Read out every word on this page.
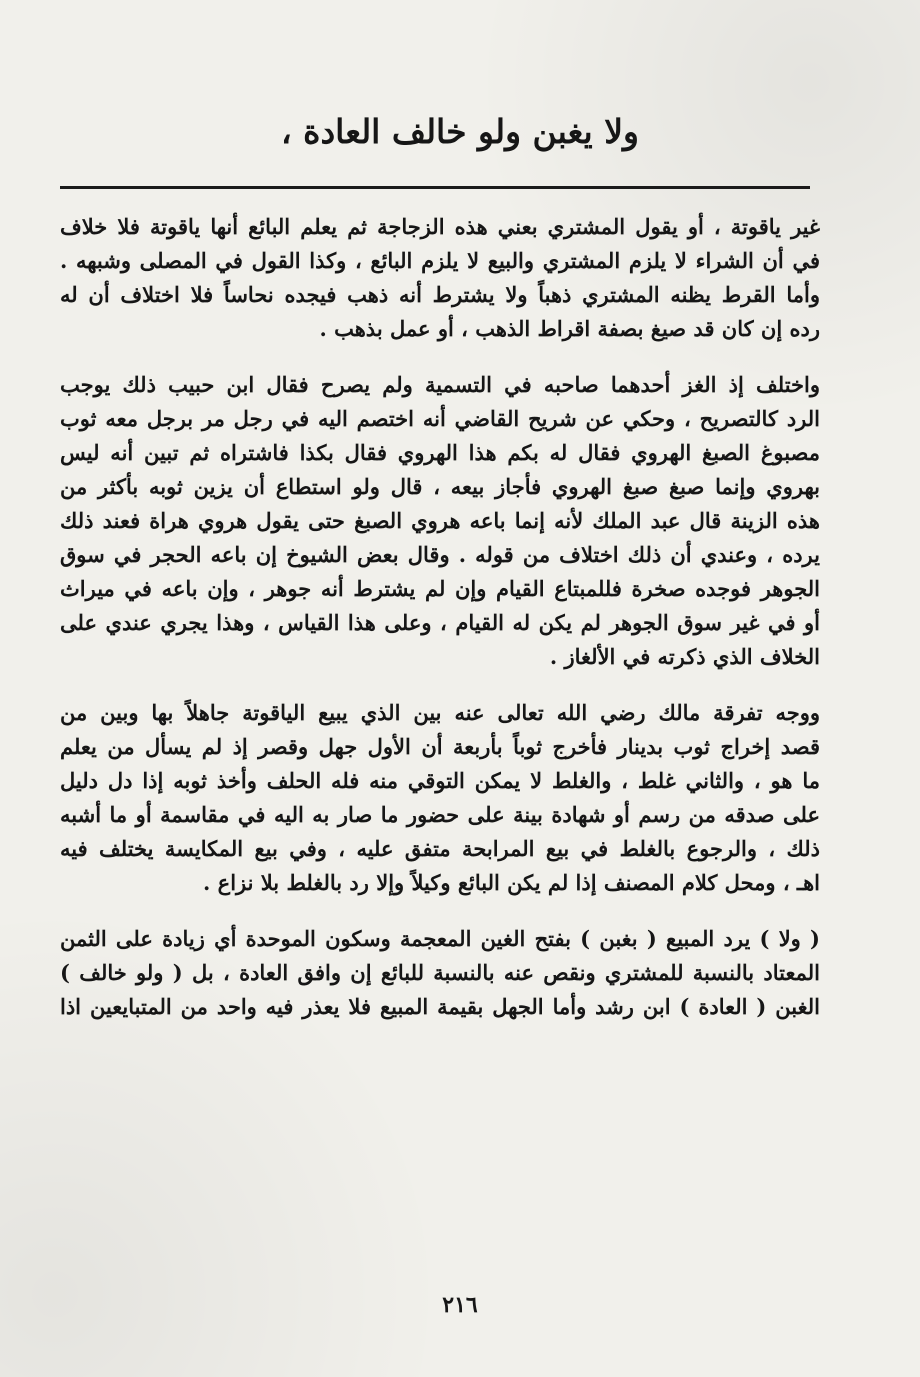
ولا يغبن ولو خالف العادة ،
غير ياقوتة ، أو يقول المشتري بعني هذه الزجاجة ثم يعلم البائع أنها ياقوتة فلا خلاف
في أن الشراء لا يلزم المشتري والبيع لا يلزم البائع ، وكذا القول في المصلى وشبهه .
وأما القرط يظنه المشتري ذهباً ولا يشترط أنه ذهب فيجده نحاساً فلا اختلاف أن له
رده إن كان قد صيغ بصفة اقراط الذهب ، أو عمل بذهب .
واختلف إذ الغز أحدهما صاحبه في التسمية ولم يصرح فقال ابن حبيب ذلك يوجب
الرد كالتصريح ، وحكي عن شريح القاضي أنه اختصم اليه في رجل مر برجل معه ثوب
مصبوغ الصبغ الهروي فقال له بكم هذا الهروي فقال بكذا فاشتراه ثم تبين أنه ليس
بهروي وإنما صبغ صبغ الهروي فأجاز بيعه ، قال ولو استطاع أن يزين ثوبه بأكثر من
هذه الزينة قال عبد الملك لأنه إنما باعه هروي الصبغ حتى يقول هروي هراة فعند ذلك
يرده ، وعندي أن ذلك اختلاف من قوله . وقال بعض الشيوخ إن باعه الحجر في سوق
الجوهر فوجده صخرة فللمبتاع القيام وإن لم يشترط أنه جوهر ، وإن باعه في ميراث
أو في غير سوق الجوهر لم يكن له القيام ، وعلى هذا القياس ، وهذا يجري عندي على
الخلاف الذي ذكرته في الألغاز .
ووجه تفرقة مالك رضي الله تعالى عنه بين الذي يبيع الياقوتة جاهلاً بها وبين من
قصد إخراج ثوب بدينار فأخرج ثوباً بأربعة أن الأول جهل وقصر إذ لم يسأل من يعلم
ما هو ، والثاني غلط ، والغلط لا يمكن التوقي منه فله الحلف وأخذ ثوبه إذا دل دليل
على صدقه من رسم أو شهادة بينة على حضور ما صار به اليه في مقاسمة أو ما أشبه
ذلك ، والرجوع بالغلط في بيع المرابحة متفق عليه ، وفي بيع المكايسة يختلف فيه
اهـ ، ومحل كلام المصنف إذا لم يكن البائع وكيلاً وإلا رد بالغلط بلا نزاع .
( ولا ) يرد المبيع ( بغبن ) بفتح الغين المعجمة وسكون الموحدة أي زيادة على الثمن
المعتاد بالنسبة للمشتري ونقص عنه بالنسبة للبائع إن وافق العادة ، بل ( ولو خالف )
الغبن ( العادة ) ابن رشد وأما الجهل بقيمة المبيع فلا يعذر فيه واحد من المتبايعين اذا
٢١٦
